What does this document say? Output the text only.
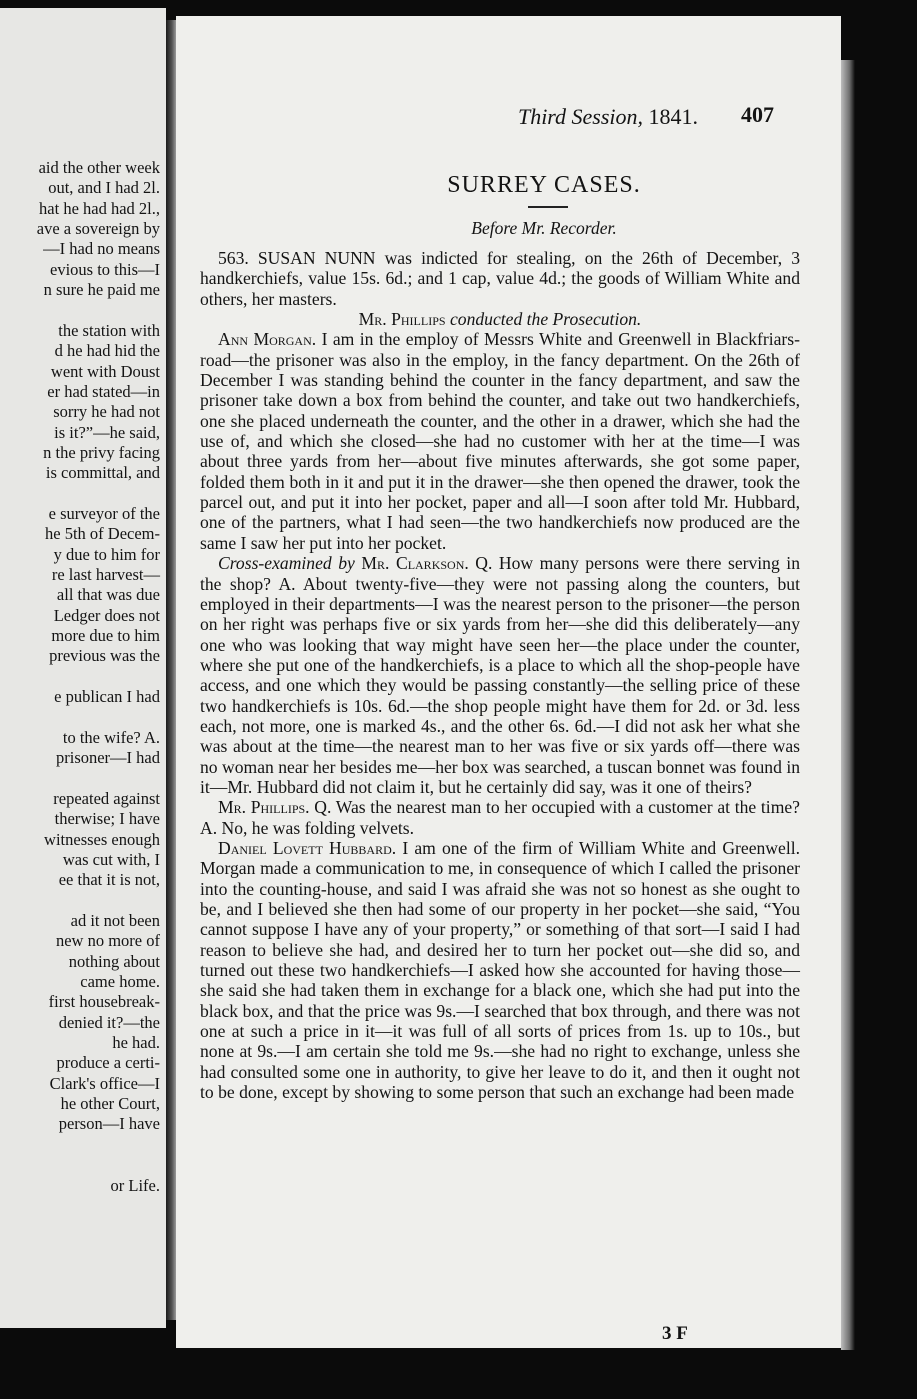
aid the other week
out, and I had 2l.
hat he had had 2l.,
ave a sovereign by
—I had no means
evious to this—I
n sure he paid me
the station with
d he had hid the
went with Doust
er had stated—in
sorry he had not
is it?”—he said,
n the privy facing
is committal, and
e surveyor of the
he 5th of Decem-
y due to him for
re last harvest—
all that was due
Ledger does not
more due to him
previous was the
e publican I had
to the wife? A.
prisoner—I had
repeated against
therwise; I have
witnesses enough
was cut with, I
ee that it is not,
ad it not been
new no more of
nothing about
came home.
first housebreak-
denied it?—the
he had.
produce a certi-
Clark's office—I
he other Court,
person—I have
or Life.
Third Session, 1841.	407
SURREY CASES.
Before Mr. Recorder.

563. SUSAN NUNN was indicted for stealing, on the 26th of December, 3 handkerchiefs, value 15s. 6d.; and 1 cap, value 4d.; the goods of William White and others, her masters.

Mr. Phillips conducted the Prosecution.

Ann Morgan. I am in the employ of Messrs White and Greenwell in Blackfriars-road—the prisoner was also in the employ, in the fancy department. On the 26th of December I was standing behind the counter in the fancy department, and saw the prisoner take down a box from behind the counter, and take out two handkerchiefs, one she placed underneath the counter, and the other in a drawer, which she had the use of, and which she closed—she had no customer with her at the time—I was about three yards from her—about five minutes afterwards, she got some paper, folded them both in it and put it in the drawer—she then opened the drawer, took the parcel out, and put it into her pocket, paper and all—I soon after told Mr. Hubbard, one of the partners, what I had seen—the two handkerchiefs now produced are the same I saw her put into her pocket.

Cross-examined by Mr. Clarkson. Q. How many persons were there serving in the shop? A. About twenty-five—they were not passing along the counters, but employed in their departments—I was the nearest person to the prisoner—the person on her right was perhaps five or six yards from her—she did this deliberately—any one who was looking that way might have seen her—the place under the counter, where she put one of the handkerchiefs, is a place to which all the shop-people have access, and one which they would be passing constantly—the selling price of these two handkerchiefs is 10s. 6d.—the shop people might have them for 2d. or 3d. less each, not more, one is marked 4s., and the other 6s. 6d.—I did not ask her what she was about at the time—the nearest man to her was five or six yards off—there was no woman near her besides me—her box was searched, a tuscan bonnet was found in it—Mr. Hubbard did not claim it, but he certainly did say, was it one of theirs?

Mr. Phillips. Q. Was the nearest man to her occupied with a customer at the time? A. No, he was folding velvets.

Daniel Lovett Hubbard. I am one of the firm of William White and Greenwell. Morgan made a communication to me, in consequence of which I called the prisoner into the counting-house, and said I was afraid she was not so honest as she ought to be, and I believed she then had some of our property in her pocket—she said, “You cannot suppose I have any of your property,” or something of that sort—I said I had reason to believe she had, and desired her to turn her pocket out—she did so, and turned out these two handkerchiefs—I asked how she accounted for having those—she said she had taken them in exchange for a black one, which she had put into the black box, and that the price was 9s.—I searched that box through, and there was not one at such a price in it—it was full of all sorts of prices from 1s. up to 10s., but none at 9s.—I am certain she told me 9s.—she had no right to exchange, unless she had consulted some one in authority, to give her leave to do it, and then it ought not to be done, except by showing to some person that such an exchange had been made

3 F
